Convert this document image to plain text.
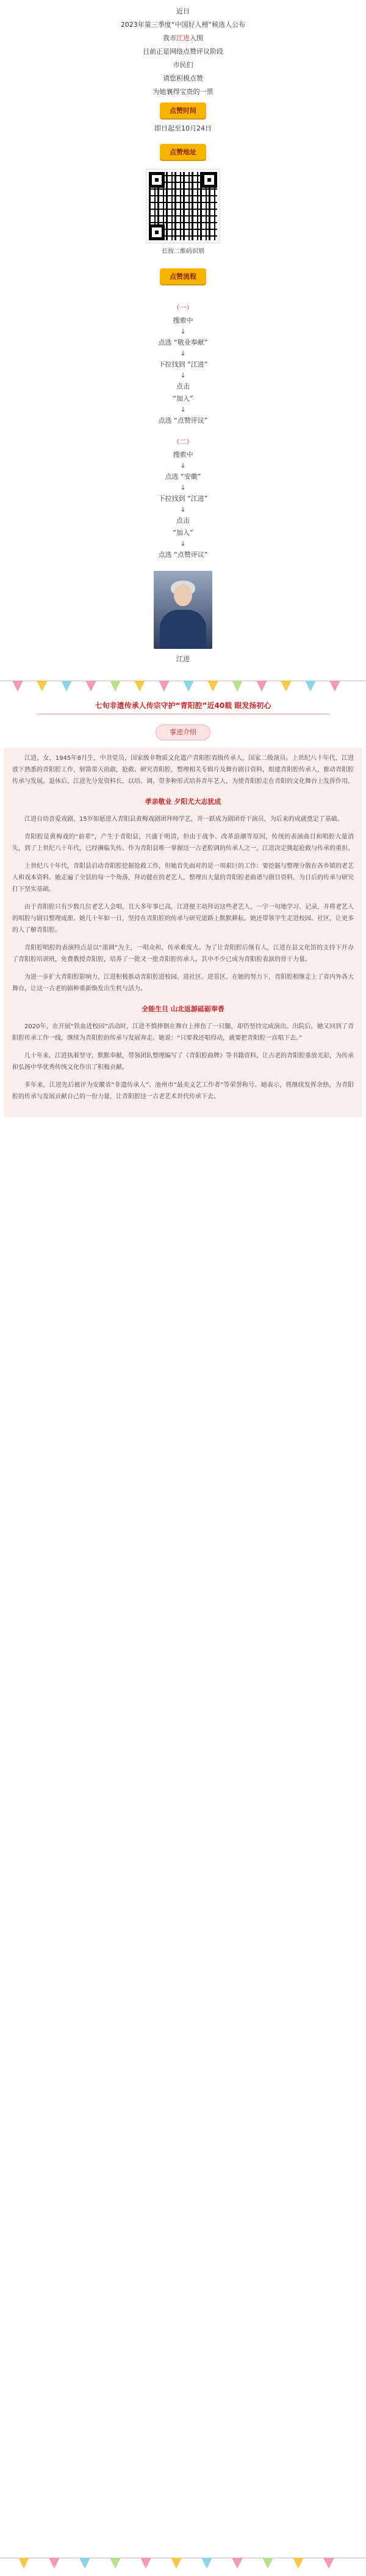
近日
2023年第三季度“中国好人榜”候选人公布
我市江进入围
目前正是网络点赞评议阶段
市民们
请您积极点赞
为她襄得宝贵的一票
点赞时间
即日起至10月24日
点赞地址
长按二维码识别
点赞流程
（一）
搜索中
↓
点选 “敬业奉献”
↓
下拉找到 “江进”
↓
点击
“加入”
↓
点选 “点赞评议”
（二）
搜索中
↓
点选 “安徽”
↓
下拉找到 “江进”
↓
点击
“加入”
↓
点选 “点赞评议”
江进
七旬非遗传承人传宗守护“青阳腔”近40载 眼发扬初心
事迹介绍

江进，女，1945年8月生，中共党员，国家级非物质文化遗产青阳腔省级传承人，国家二级演员。上世纪八十年代，江进放下熟悉的青阳腔工作，射箭常天前敢，抢救、研究青阳腔，整理相关专辑片及舞台剧目资料，组建青阳腔传承人，推动青阳腔传承与发展。退休后，江进先分发资料长，以培、调、带多种形式培养青年艺人，为使青阳腔走在青阳的文化舞台上发挥作用。

孝亲敬业 夕阳尤大志犹成

江进自幼喜爱戏剧，15岁如愿进入青阳县黄梅戏剧团拜师学艺，并一跃成为剧团骨干演员，为后来的成就奠定了基础。

青阳腔是黄梅戏的“前辈”，产生于青阳县，兴盛于明清，但由于战争、改革浪潮等原因，传统的表演曲目和唱腔大量消失，到了上世纪八十年代，已经濒临失传。作为青阳县唯一掌握这一古老腔调的传承人之一，江进决定挑起抢救与传承的重担。

上世纪八十年代，青阳县启动青阳腔挖掘抢救工作，但她首先面对的是一项艰巨的工作：要挖掘与整理分散在各乡镇的老艺人和戏本资料。她走遍了全县的每一个角落，拜访健在的老艺人，整理出大量的青阳腔老曲谱与剧目资料，为日后的传承与研究打下坚实基础。

由于青阳腔只有少数几位老艺人会唱，且大多年事已高，江进便主动拜访这些老艺人，一字一句地学习、记录，并将老艺人的唱腔与剧目整理成册。她几十年如一日，坚持在青阳腔的传承与研究道路上默默耕耘。她还带领学生走进校园、社区，让更多的人了解青阳腔。

青阳腔唱腔的表演特点是以“滚调”为主，一唱众和，传承难度大。为了让青阳腔后继有人，江进在县文化馆的支持下开办了青阳腔培训班，免费教授青阳腔，培养了一批又一批青阳腔传承人，其中不少已成为青阳腔表演的骨干力量。

为进一步扩大青阳腔影响力，江进积极推动青阳腔进校园、进社区、进景区。在她的努力下，青阳腔相继走上了省内外各大舞台，让这一古老的剧种重新焕发出生机与活力。

全能生旦 山北返源砥砺奉香

2020年，在开展“铁血进校园”活动时，江进不慎摔倒在舞台上摔伤了一只腿，却仍坚持完成演出。出院后，她又回到了青阳腔传承工作一线，继续为青阳腔的传承与发展奔走。她说：“只要我还唱得动，就要把青阳腔一直唱下去。”

几十年来，江进执着坚守，默默奉献，带领团队整理编写了《青阳腔曲牌》等书籍资料，让古老的青阳腔重放光彩，为传承和弘扬中华优秀传统文化作出了积极贡献。

多年来，江进先后被评为安徽省“非遗传承人”、池州市“最美文艺工作者”等荣誉称号。她表示，将继续发挥余热，为青阳腔的传承与发展贡献自己的一份力量，让青阳腔这一古老艺术世代传承下去。
